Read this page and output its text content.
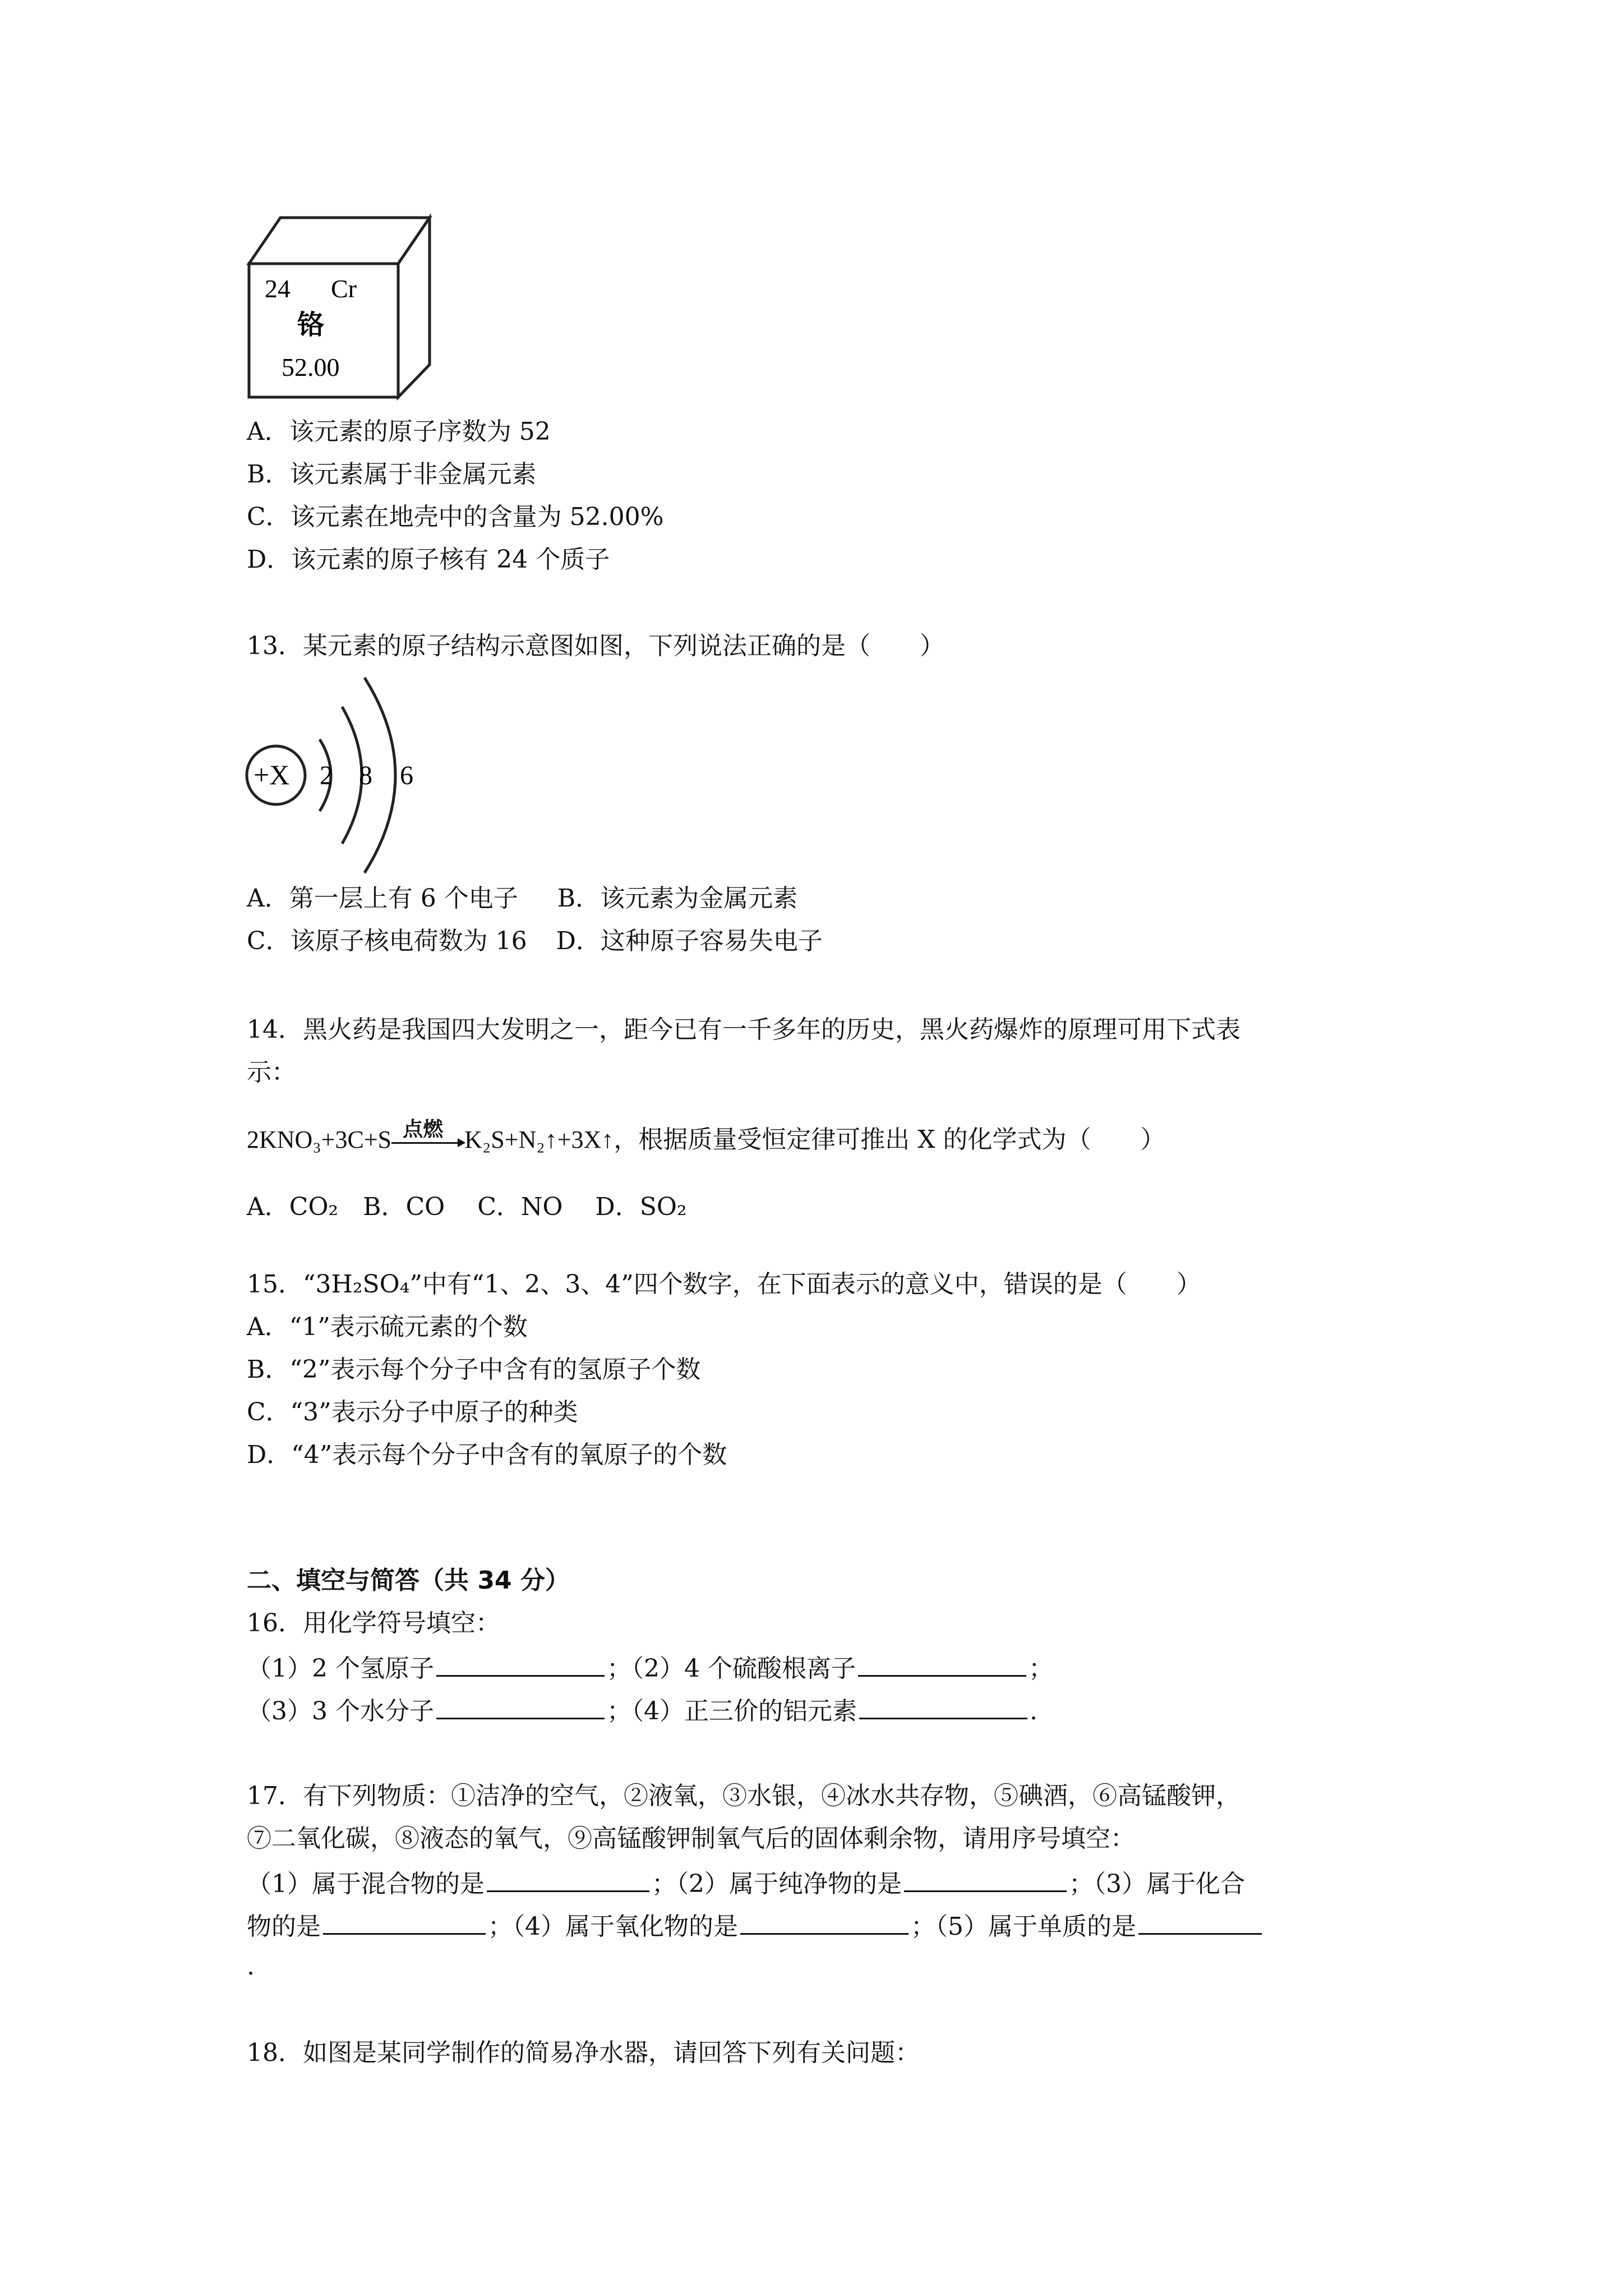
24 Cr
铬
52.00
A．该元素的原子序数为 52
B．该元素属于非金属元素
C．该元素在地壳中的含量为 52.00%
D．该元素的原子核有 24 个质子
13．某元素的原子结构示意图如图，下列说法正确的是（　　）
+X 2 8 6
A．第一层上有 6 个电子 B．该元素为金属元素
C．该原子核电荷数为 16 D．这种原子容易失电子
14．黑火药是我国四大发明之一，距今已有一千多年的历史，黑火药爆炸的原理可用下式表
示：
2KNO₃+3C+S 点燃 K₂S+N₂↑+3X↑，根据质量受恒定律可推出 X 的化学式为（　　）
A．CO₂　B．CO　 C．NO　 D．SO₂
15．“3H₂SO₄”中有“1、2、3、4”四个数字，在下面表示的意义中，错误的是（　　）
A．“1”表示硫元素的个数
B．“2”表示每个分子中含有的氢原子个数
C．“3”表示分子中原子的种类
D．“4”表示每个分子中含有的氧原子的个数
二、填空与简答（共 34 分）
16．用化学符号填空：
（1）2 个氢原子	；（2）4 个硫酸根离子	；
（3）3 个水分子	；（4）正三价的铝元素	.
17．有下列物质：①洁净的空气，②液氧，③水银，④冰水共存物，⑤碘酒，⑥高锰酸钾，
⑦二氧化碳，⑧液态的氧气，⑨高锰酸钾制氧气后的固体剩余物，请用序号填空：
（1）属于混合物的是	；（2）属于纯净物的是	；（3）属于化合
物的是	；（4）属于氧化物的是	；（5）属于单质的是
.
18．如图是某同学制作的简易净水器，请回答下列有关问题：
